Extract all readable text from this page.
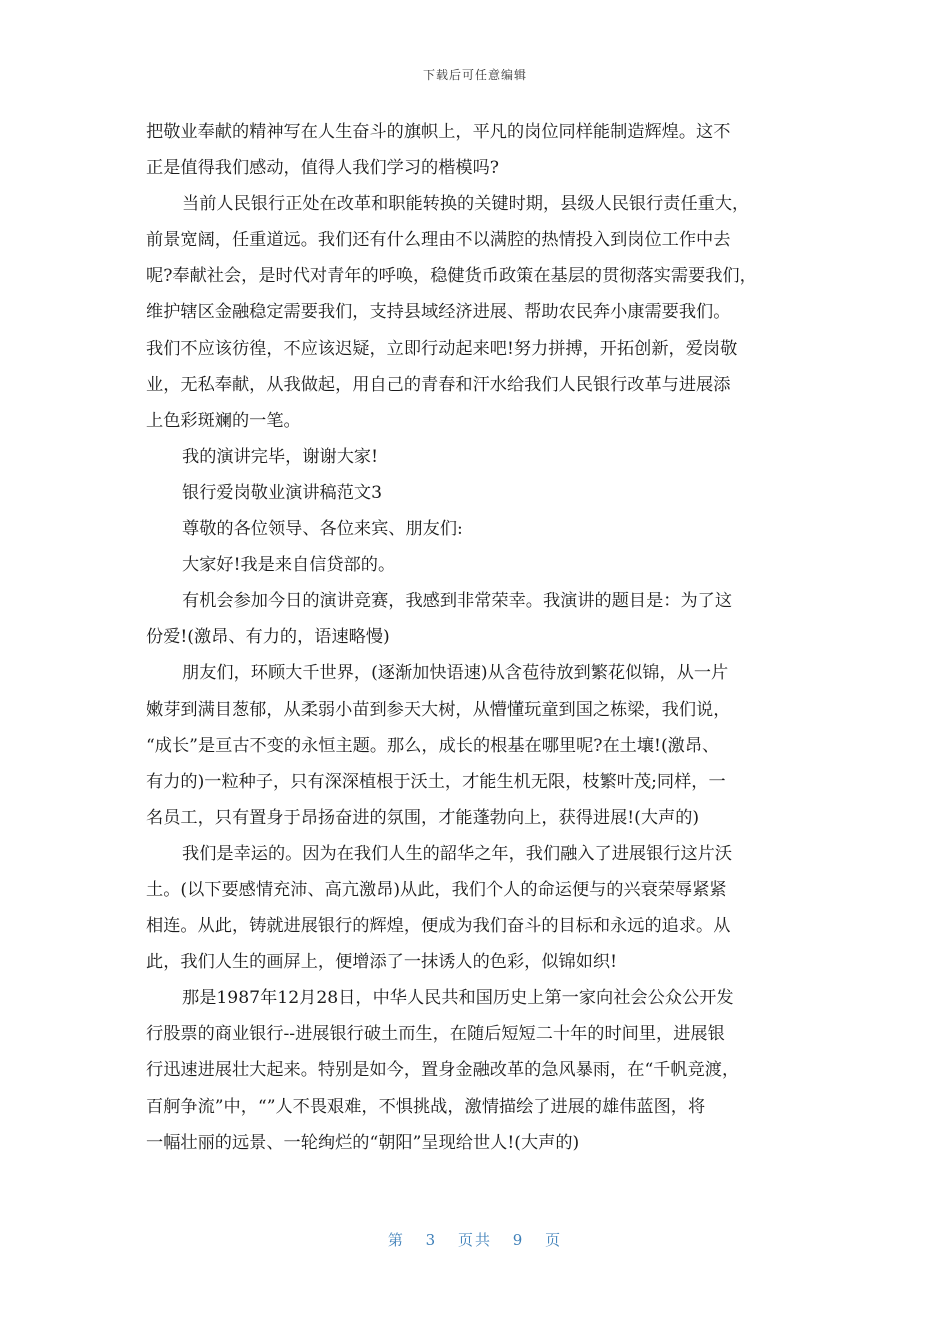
下载后可任意编辑
把敬业奉献的精神写在人生奋斗的旗帜上，平凡的岗位同样能制造辉煌。这不
正是值得我们感动，值得人我们学习的楷模吗?
当前人民银行正处在改革和职能转换的关键时期，县级人民银行责任重大，
前景宽阔，任重道远。我们还有什么理由不以满腔的热情投入到岗位工作中去
呢?奉献社会，是时代对青年的呼唤，稳健货币政策在基层的贯彻落实需要我们，
维护辖区金融稳定需要我们，支持县域经济进展、帮助农民奔小康需要我们。
我们不应该彷徨，不应该迟疑，立即行动起来吧!努力拼搏，开拓创新，爱岗敬
业，无私奉献，从我做起，用自己的青春和汗水给我们人民银行改革与进展添
上色彩斑斓的一笔。
我的演讲完毕，谢谢大家!
银行爱岗敬业演讲稿范文3
尊敬的各位领导、各位来宾、朋友们:
大家好!我是来自信贷部的。
有机会参加今日的演讲竞赛，我感到非常荣幸。我演讲的题目是：为了这
份爱!(激昂、有力的，语速略慢)
朋友们，环顾大千世界，(逐渐加快语速)从含苞待放到繁花似锦，从一片
嫩芽到满目葱郁，从柔弱小苗到参天大树，从懵懂玩童到国之栋梁，我们说，
“成长”是亘古不变的永恒主题。那么，成长的根基在哪里呢?在土壤!(激昂、
有力的)一粒种子，只有深深植根于沃土，才能生机无限，枝繁叶茂;同样，一
名员工，只有置身于昂扬奋进的氛围，才能蓬勃向上，获得进展!(大声的)
我们是幸运的。因为在我们人生的韶华之年，我们融入了进展银行这片沃
土。(以下要感情充沛、高亢激昂)从此，我们个人的命运便与的兴衰荣辱紧紧
相连。从此，铸就进展银行的辉煌，便成为我们奋斗的目标和永远的追求。从
此，我们人生的画屏上，便增添了一抹诱人的色彩，似锦如织!
那是1987年12月28日，中华人民共和国历史上第一家向社会公众公开发
行股票的商业银行--进展银行破土而生，在随后短短二十年的时间里，进展银
行迅速进展壮大起来。特别是如今，置身金融改革的急风暴雨，在“千帆竞渡，
百舸争流”中，“”人不畏艰难，不惧挑战，激情描绘了进展的雄伟蓝图，将
一幅壮丽的远景、一轮绚烂的“朝阳”呈现给世人!(大声的)
第 3 页共 9 页
